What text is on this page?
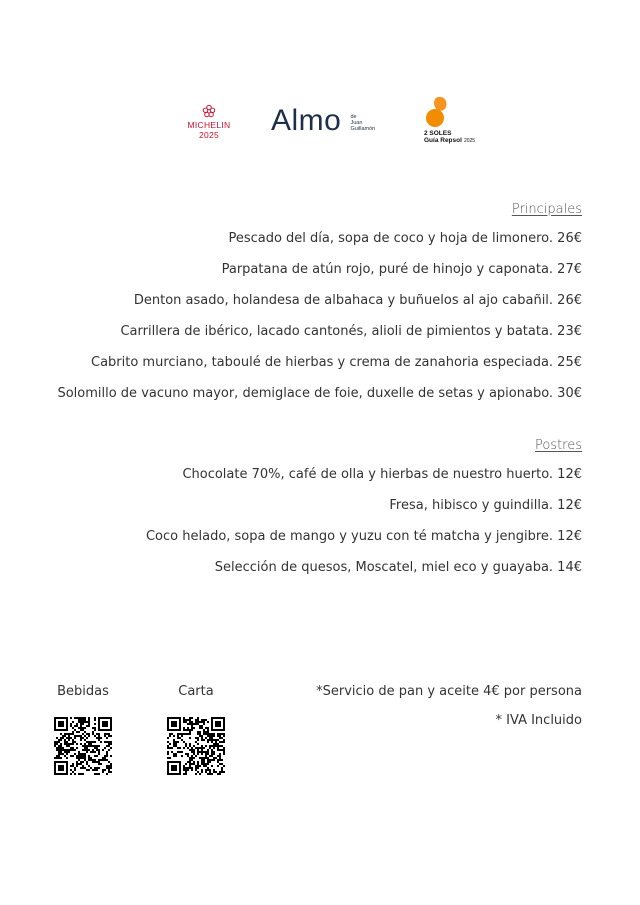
MICHELIN
2025	Almo de
Juan
Guillamón
2 SOLES
Guía Repsol 2025
Principales
Pescado del día, sopa de coco y hoja de limonero. 26€
Parpatana de atún rojo, puré de hinojo y caponata. 27€
Denton asado, holandesa de albahaca y buñuelos al ajo cabañil. 26€
Carrillera de ibérico, lacado cantonés, alioli de pimientos y batata. 23€
Cabrito murciano, taboulé de hierbas y crema de zanahoria especiada. 25€
Solomillo de vacuno mayor, demiglace de foie, duxelle de setas y apionabo. 30€
Postres
Chocolate 70%, café de olla y hierbas de nuestro huerto. 12€
Fresa, hibisco y guindilla. 12€
Coco helado, sopa de mango y yuzu con té matcha y jengibre. 12€
Selección de quesos, Moscatel, miel eco y guayaba. 14€
Bebidas	Carta	*Servicio de pan y aceite 4€ por persona
* IVA Incluido
